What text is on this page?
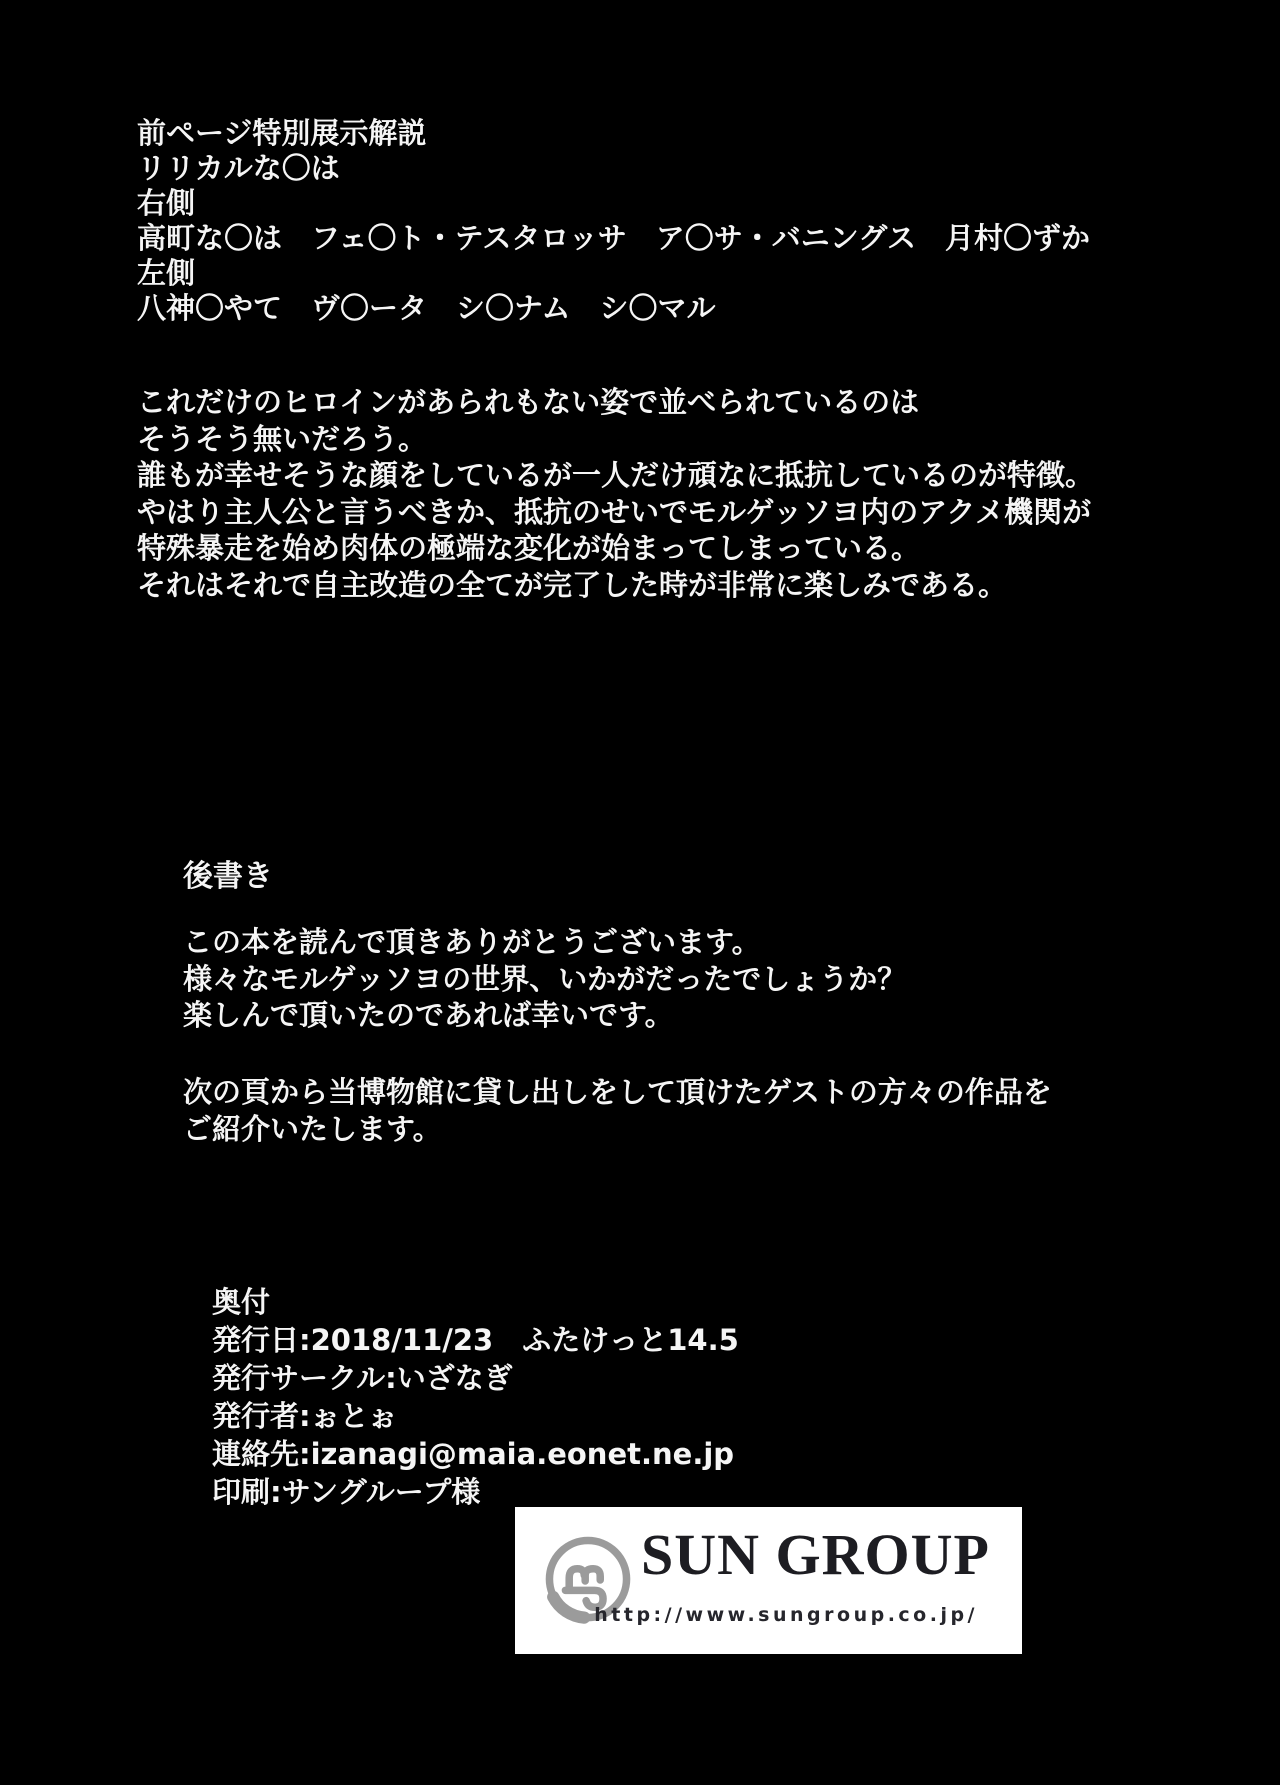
前ページ特別展示解説
リリカルな〇は
右側
高町な〇は　フェ〇ト・テスタロッサ　ア〇サ・バニングス　月村〇ずか
左側
八神〇やて　ヴ〇ータ　シ〇ナム　シ〇マル
これだけのヒロインがあられもない姿で並べられているのは
そうそう無いだろう。
誰もが幸せそうな顔をしているが一人だけ頑なに抵抗しているのが特徴。
やはり主人公と言うべきか、抵抗のせいでモルゲッソヨ内のアクメ機関が
特殊暴走を始め肉体の極端な変化が始まってしまっている。
それはそれで自主改造の全てが完了した時が非常に楽しみである。
後書き
この本を読んで頂きありがとうございます。
様々なモルゲッソヨの世界、いかがだったでしょうか？
楽しんで頂いたのであれば幸いです。
次の頁から当博物館に貸し出しをして頂けたゲストの方々の作品を
ご紹介いたします。
奥付
発行日:2018/11/23　ふたけっと14.5
発行サークル:いざなぎ
発行者:ぉとぉ
連絡先:izanagi@maia.eonet.ne.jp
印刷:サングループ様
SUN GROUP
http://www.sungroup.co.jp/
